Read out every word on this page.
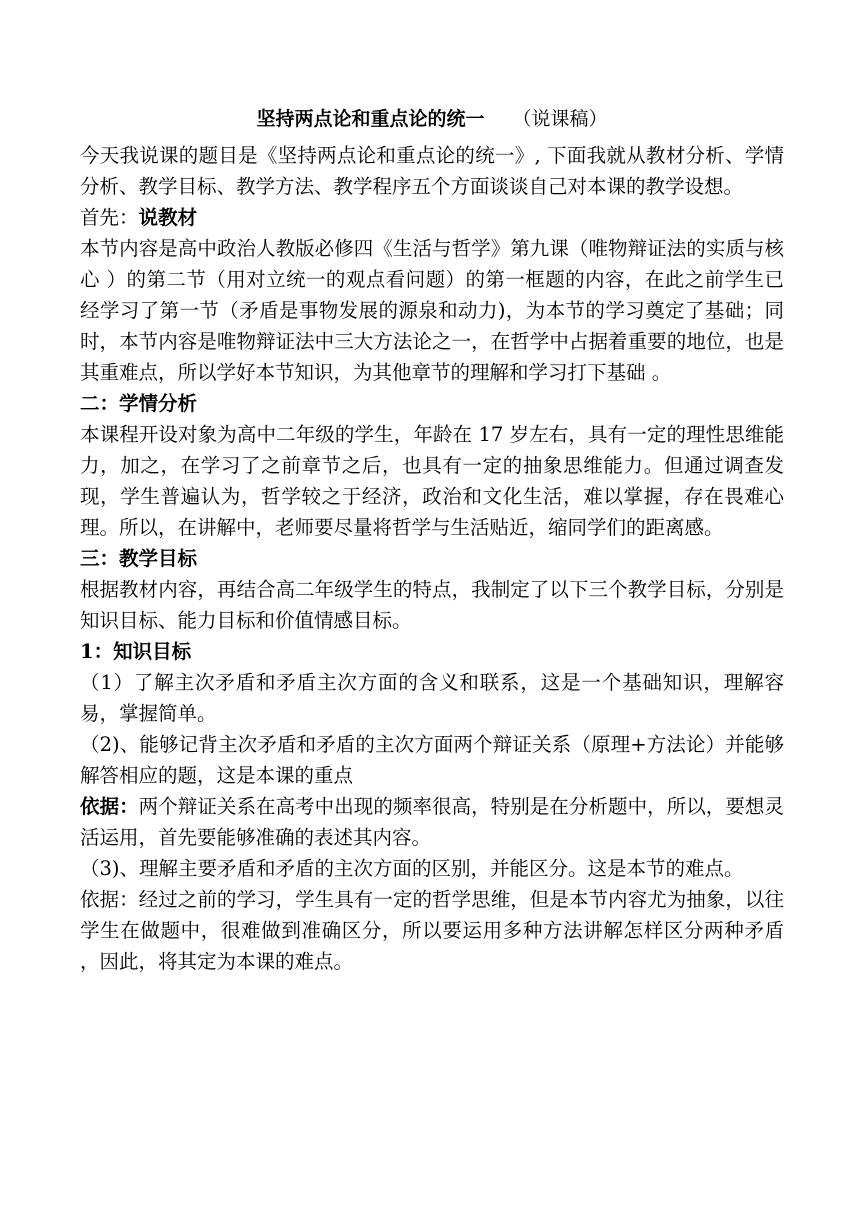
坚持两点论和重点论的统一 （说课稿）

今天我说课的题目是《坚持两点论和重点论的统一》, 下面我就从教材分析、学情分析、教学目标、教学方法、教学程序五个方面谈谈自己对本课的教学设想。

首先：说教材

本节内容是高中政治人教版必修四《生活与哲学》第九课（唯物辩证法的实质与核心 ）的第二节（用对立统一的观点看问题）的第一框题的内容，在此之前学生已经学习了第一节（矛盾是事物发展的源泉和动力)，为本节的学习奠定了基础；同时，本节内容是唯物辩证法中三大方法论之一，在哲学中占据着重要的地位，也是其重难点，所以学好本节知识，为其他章节的理解和学习打下基础 。

二：学情分析

本课程开设对象为高中二年级的学生，年龄在 17 岁左右，具有一定的理性思维能力，加之，在学习了之前章节之后，也具有一定的抽象思维能力。但通过调查发现，学生普遍认为，哲学较之于经济，政治和文化生活，难以掌握，存在畏难心理。所以，在讲解中，老师要尽量将哲学与生活贴近，缩同学们的距离感。

三：教学目标

根据教材内容，再结合高二年级学生的特点，我制定了以下三个教学目标，分别是知识目标、能力目标和价值情感目标。

1：知识目标

（1）了解主次矛盾和矛盾主次方面的含义和联系，这是一个基础知识，理解容易，掌握简单。

（2)、能够记背主次矛盾和矛盾的主次方面两个辩证关系（原理+方法论）并能够解答相应的题，这是本课的重点

依据：两个辩证关系在高考中出现的频率很高，特别是在分析题中，所以，要想灵活运用，首先要能够准确的表述其内容。

（3)、理解主要矛盾和矛盾的主次方面的区别，并能区分。这是本节的难点。

依据：经过之前的学习，学生具有一定的哲学思维，但是本节内容尤为抽象，以往学生在做题中，很难做到准确区分，所以要运用多种方法讲解怎样区分两种矛盾 ，因此，将其定为本课的难点。
